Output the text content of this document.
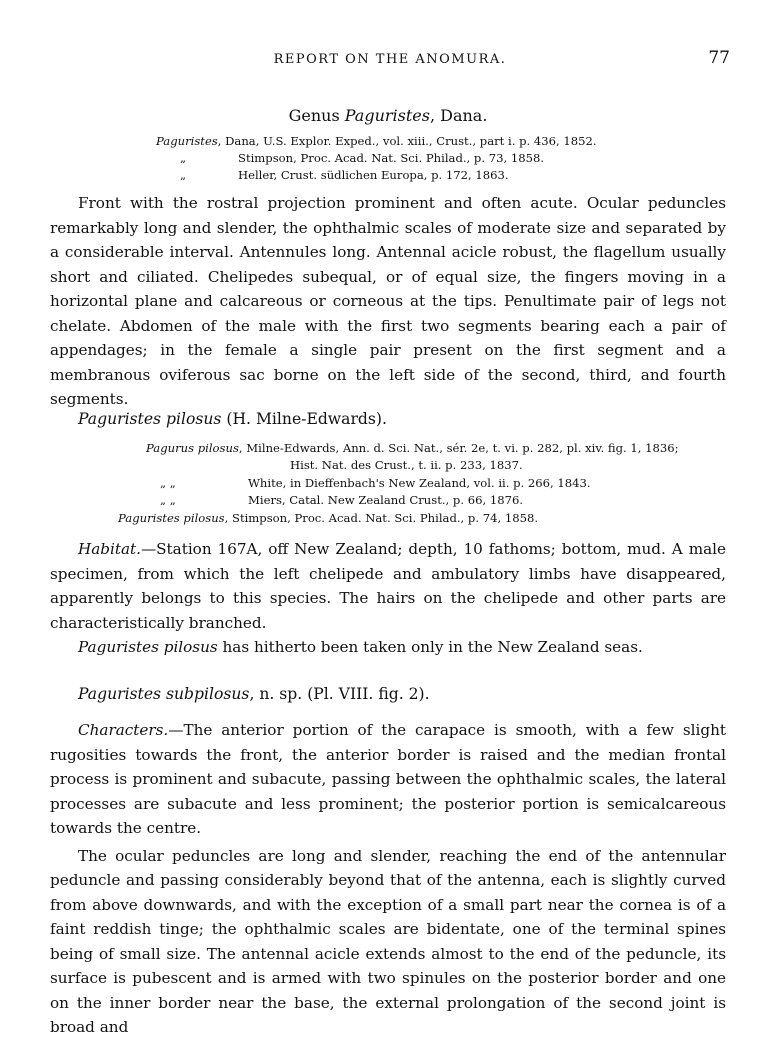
REPORT ON THE ANOMURA.	77
Genus Paguristes, Dana.
Paguristes, Dana, U.S. Explor. Exped., vol. xiii., Crust., part i. p. 436, 1852.
„	Stimpson, Proc. Acad. Nat. Sci. Philad., p. 73, 1858.
„	Heller, Crust. südlichen Europa, p. 172, 1863.

Front with the rostral projection prominent and often acute. Ocular peduncles remarkably long and slender, the ophthalmic scales of moderate size and separated by a considerable interval. Antennules long. Antennal acicle robust, the flagellum usually short and ciliated. Chelipedes subequal, or of equal size, the fingers moving in a horizontal plane and calcareous or corneous at the tips. Penultimate pair of legs not chelate. Abdomen of the male with the first two segments bearing each a pair of appendages; in the female a single pair present on the first segment and a membranous oviferous sac borne on the left side of the second, third, and fourth segments.

Paguristes pilosus (H. Milne-Edwards).
Pagurus pilosus, Milne-Edwards, Ann. d. Sci. Nat., sér. 2e, t. vi. p. 282, pl. xiv. fig. 1, 1836;
Hist. Nat. des Crust., t. ii. p. 233, 1837.
„ „	White, in Dieffenbach's New Zealand, vol. ii. p. 266, 1843.
„ „	Miers, Catal. New Zealand Crust., p. 66, 1876.
Paguristes pilosus, Stimpson, Proc. Acad. Nat. Sci. Philad., p. 74, 1858.

Habitat.—Station 167A, off New Zealand; depth, 10 fathoms; bottom, mud. A male specimen, from which the left chelipede and ambulatory limbs have disappeared, apparently belongs to this species. The hairs on the chelipede and other parts are characteristically branched.

Paguristes pilosus has hitherto been taken only in the New Zealand seas.

Paguristes subpilosus, n. sp. (Pl. VIII. fig. 2).

Characters.—The anterior portion of the carapace is smooth, with a few slight rugosities towards the front, the anterior border is raised and the median frontal process is prominent and subacute, passing between the ophthalmic scales, the lateral processes are subacute and less prominent; the posterior portion is semicalcareous towards the centre.

The ocular peduncles are long and slender, reaching the end of the antennular peduncle and passing considerably beyond that of the antenna, each is slightly curved from above downwards, and with the exception of a small part near the cornea is of a faint reddish tinge; the ophthalmic scales are bidentate, one of the terminal spines being of small size. The antennal acicle extends almost to the end of the peduncle, its surface is pubescent and is armed with two spinules on the posterior border and one on the inner border near the base, the external prolongation of the second joint is broad and
